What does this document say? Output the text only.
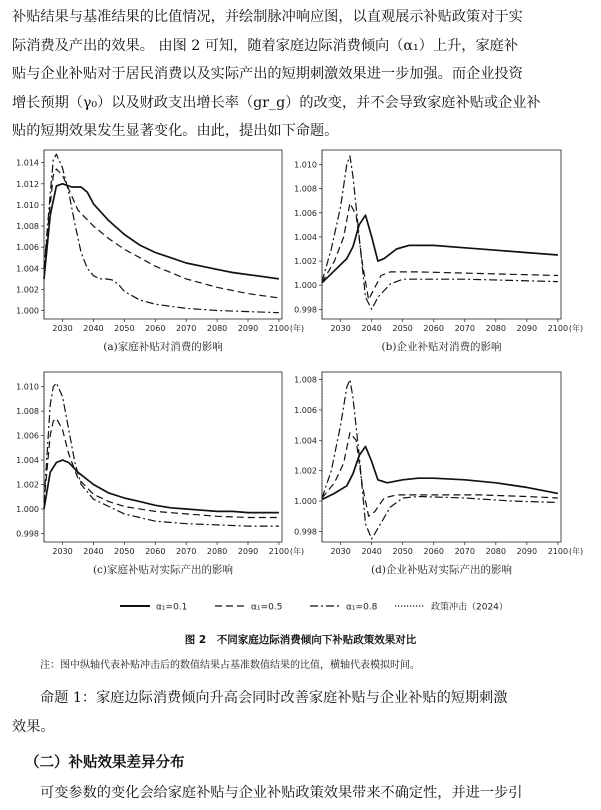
补贴结果与基准结果的比值情况，并绘制脉冲响应图，以直观展示补贴政策对于实
际消费及产出的效果。 由图 2 可知，随着家庭边际消费倾向（α₁）上升，家庭补
贴与企业补贴对于居民消费以及实际产出的短期刺激效果进一步加强。而企业投资
增长预期（γ₀）以及财政支出增长率（gr_g）的改变，并不会导致家庭补贴或企业补
贴的短期效果发生显著变化。由此，提出如下命题。
1.000
1.002
1.004
1.006
1.008
1.010
1.012
1.014
2030 2040 2050 2060 2070 2080 2090 2100 (年)
(a)家庭补贴对消费的影响
0.998
1.000
1.002
1.004
1.006
1.008
1.010
2030 2040 2050 2060 2070 2080 2090 2100 (年)
(b)企业补贴对消费的影响
0.998
1.000
1.002
1.004
1.006
1.008
1.010
2030 2040 2050 2060 2070 2080 2090 2100 (年)
(c)家庭补贴对实际产出的影响
0.998
1.000
1.002
1.004
1.006
1.008
2030 2040 2050 2060 2070 2080 2090 2100 (年)
(d)企业补贴对实际产出的影响
α₁=0.1	α₁=0.5	α₁=0.8	政策冲击（2024）
图 2　不同家庭边际消费倾向下补贴政策效果对比
注：图中纵轴代表补贴冲击后的数值结果占基准数值结果的比值，横轴代表模拟时间。
命题 1：家庭边际消费倾向升高会同时改善家庭补贴与企业补贴的短期刺激
效果。
（二）补贴效果差异分布
可变参数的变化会给家庭补贴与企业补贴政策效果带来不确定性，并进一步引
